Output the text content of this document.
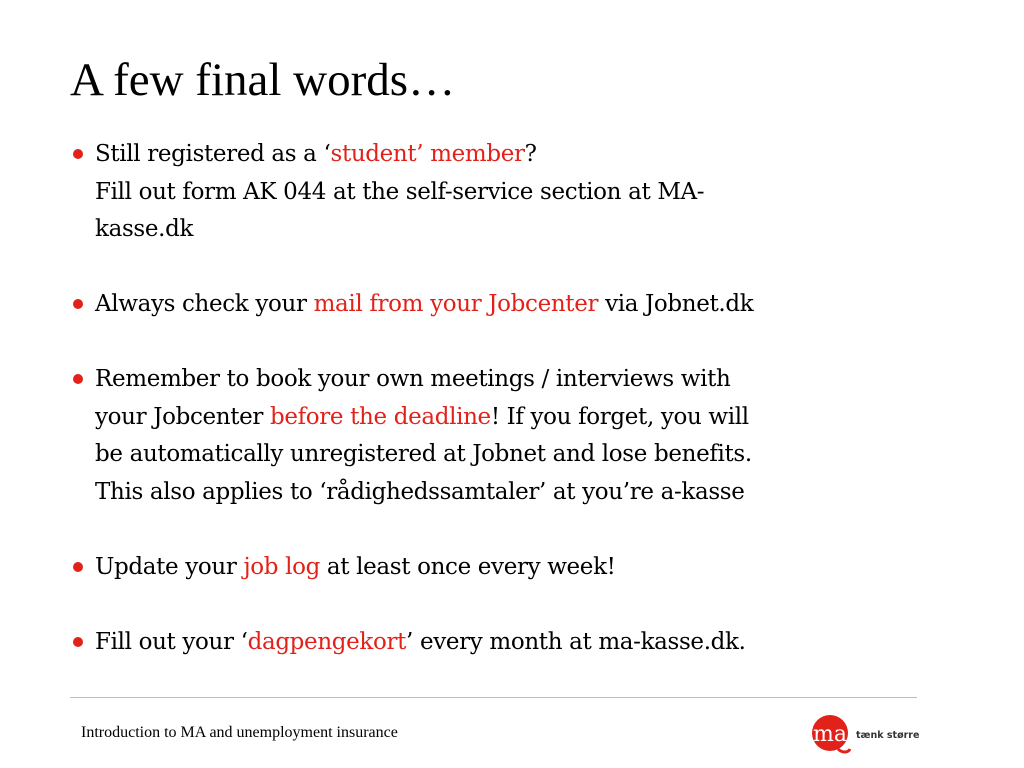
A few final words…
Still registered as a ‘student’ member?
Fill out form AK 044 at the self-service section at MA-
kasse.dk
Always check your mail from your Jobcenter via Jobnet.dk
Remember to book your own meetings / interviews with
your Jobcenter before the deadline! If you forget, you will
be automatically unregistered at Jobnet and lose benefits.
This also applies to ‘rådighedssamtaler’ at you’re a-kasse
Update your job log at least once every week!
Fill out your ‘dagpengekort’ every month at ma-kasse.dk.
Introduction to MA and unemployment insurance	ma tænk større
